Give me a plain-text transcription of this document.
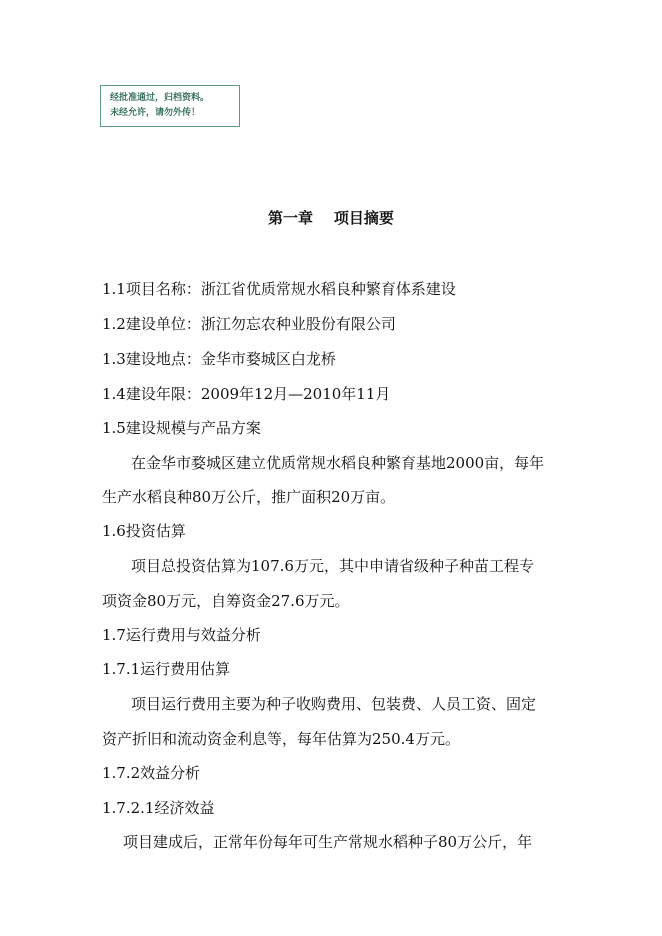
经批准通过，归档资料。
未经允许，请勿外传！
第一章    项目摘要
1.1项目名称：浙江省优质常规水稻良种繁育体系建设
1.2建设单位：浙江勿忘农种业股份有限公司
1.3建设地点：金华市婺城区白龙桥
1.4建设年限：2009年12月—2010年11月
1.5建设规模与产品方案
在金华市婺城区建立优质常规水稻良种繁育基地2000亩，每年
生产水稻良种80万公斤，推广面积20万亩。
1.6投资估算
项目总投资估算为107.6万元，其中申请省级种子种苗工程专
项资金80万元，自筹资金27.6万元。
1.7运行费用与效益分析
1.7.1运行费用估算
项目运行费用主要为种子收购费用、包装费、人员工资、固定
资产折旧和流动资金利息等，每年估算为250.4万元。
1.7.2效益分析
1.7.2.1经济效益
项目建成后，正常年份每年可生产常规水稻种子80万公斤，年
